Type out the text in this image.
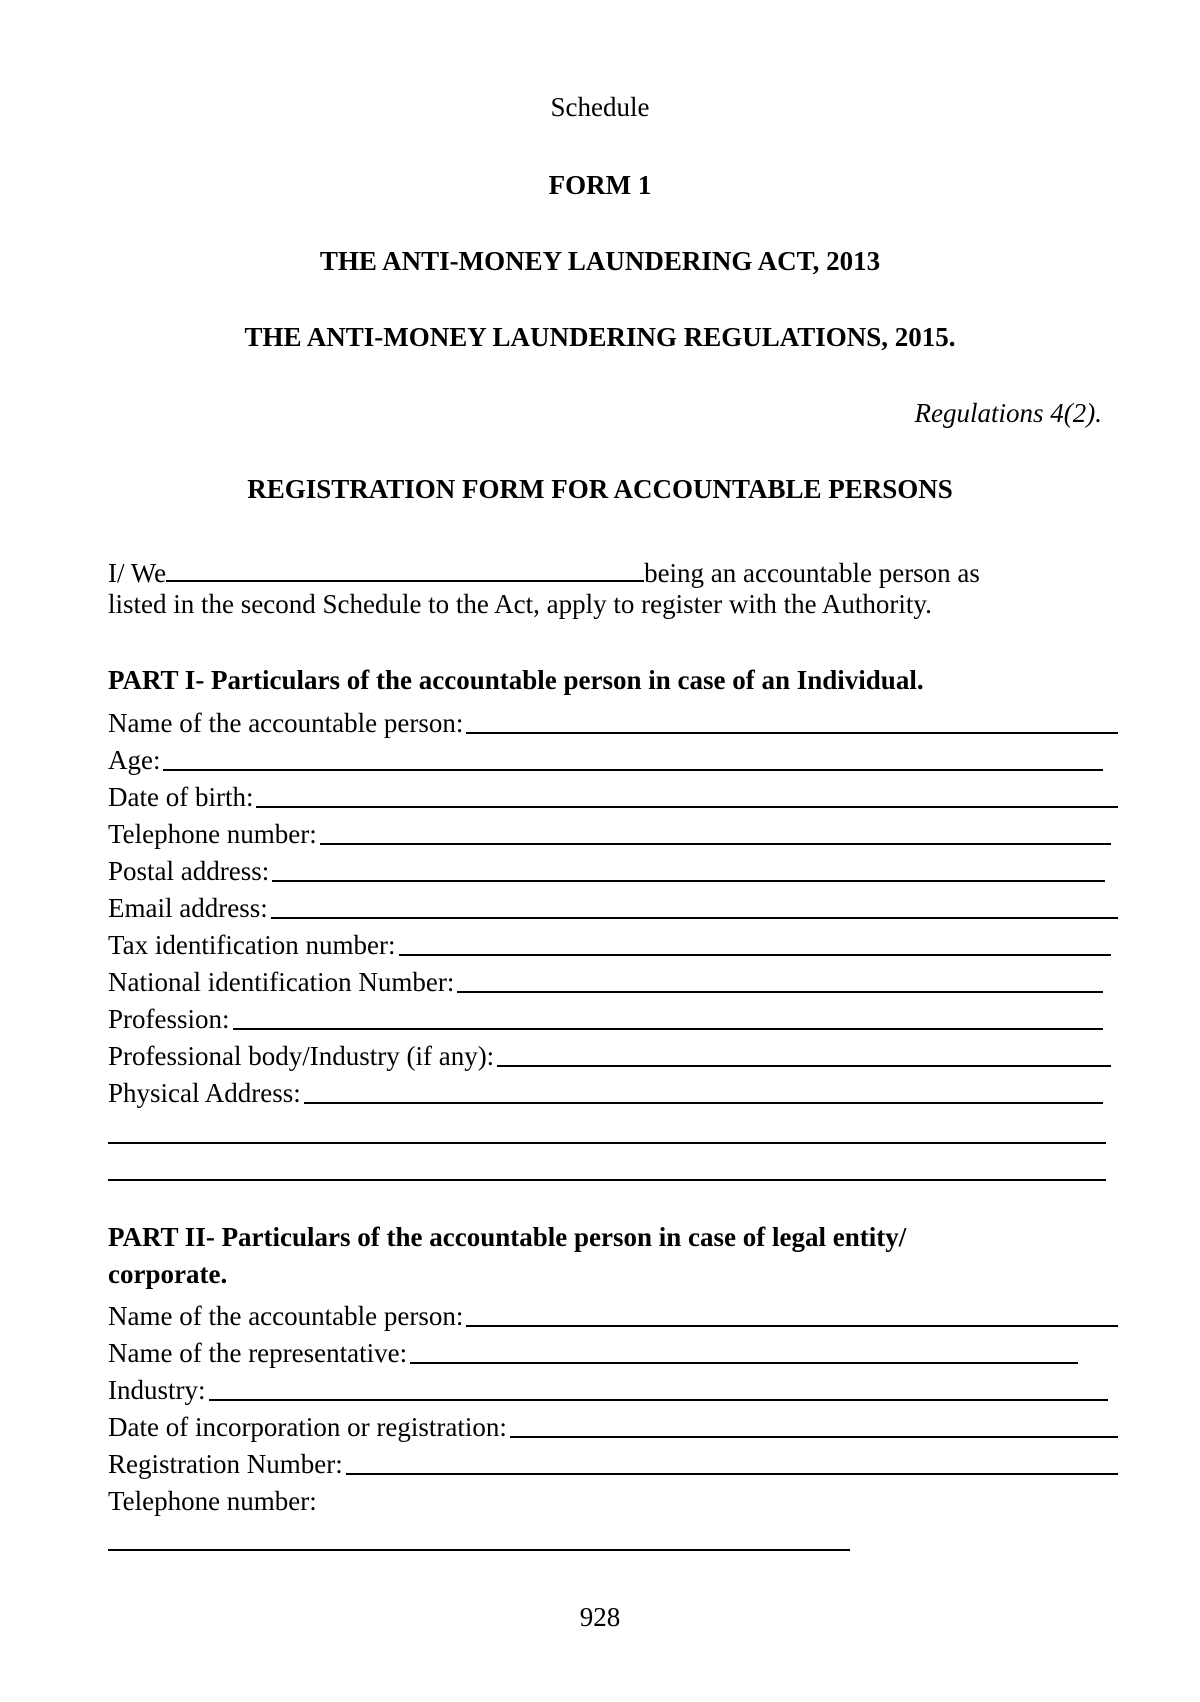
Schedule
FORM 1
THE ANTI-MONEY LAUNDERING ACT, 2013
THE ANTI-MONEY LAUNDERING REGULATIONS, 2015.
Regulations 4(2).
REGISTRATION FORM FOR ACCOUNTABLE PERSONS
I/ We	being an accountable person as
listed in the second Schedule to the Act, apply to register with the Authority.
PART I- Particulars of the accountable person in case of an Individual.
Name of the accountable person:
Age:
Date of birth:
Telephone number:
Postal address:
Email address:
Tax identification number:
National identification Number:
Profession:
Professional body/Industry (if any):
Physical Address:
PART II- Particulars of the accountable person in case of legal entity/
corporate.
Name of the accountable person:
Name of the representative:
Industry:
Date of incorporation or registration:
Registration Number:
Telephone number:
928
